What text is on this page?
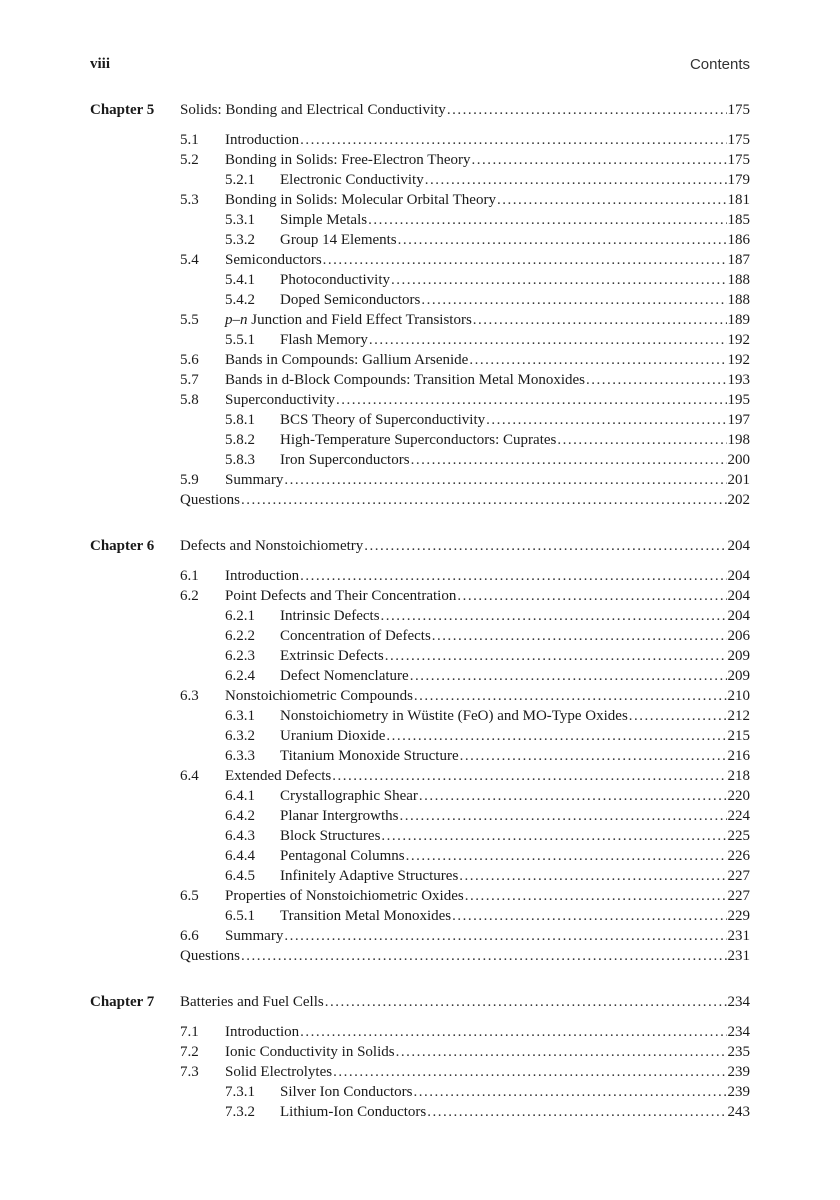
viii	Contents
Chapter 5 Solids: Bonding and Electrical Conductivity .....	175
5.1 Introduction .....	175
5.2 Bonding in Solids: Free-Electron Theory .....	175
5.2.1 Electronic Conductivity .....	179
5.3 Bonding in Solids: Molecular Orbital Theory .....	181
5.3.1 Simple Metals .....	185
5.3.2 Group 14 Elements .....	186
5.4 Semiconductors .....	187
5.4.1 Photoconductivity .....	188
5.4.2 Doped Semiconductors .....	188
5.5 p–n Junction and Field Effect Transistors .....	189
5.5.1 Flash Memory .....	192
5.6 Bands in Compounds: Gallium Arsenide .....	192
5.7 Bands in d-Block Compounds: Transition Metal Monoxides .....	193
5.8 Superconductivity .....	195
5.8.1 BCS Theory of Superconductivity .....	197
5.8.2 High-Temperature Superconductors: Cuprates .....	198
5.8.3 Iron Superconductors .....	200
5.9 Summary .....	201
Questions .....	202
Chapter 6 Defects and Nonstoichiometry .....	204
6.1 Introduction .....	204
6.2 Point Defects and Their Concentration .....	204
6.2.1 Intrinsic Defects .....	204
6.2.2 Concentration of Defects .....	206
6.2.3 Extrinsic Defects .....	209
6.2.4 Defect Nomenclature .....	209
6.3 Nonstoichiometric Compounds .....	210
6.3.1 Nonstoichiometry in Wüstite (FeO) and MO-Type Oxides .....	212
6.3.2 Uranium Dioxide .....	215
6.3.3 Titanium Monoxide Structure .....	216
6.4 Extended Defects .....	218
6.4.1 Crystallographic Shear .....	220
6.4.2 Planar Intergrowths .....	224
6.4.3 Block Structures .....	225
6.4.4 Pentagonal Columns .....	226
6.4.5 Infinitely Adaptive Structures .....	227
6.5 Properties of Nonstoichiometric Oxides .....	227
6.5.1 Transition Metal Monoxides .....	229
6.6 Summary .....	231
Questions .....	231
Chapter 7 Batteries and Fuel Cells .....	234
7.1 Introduction .....	234
7.2 Ionic Conductivity in Solids .....	235
7.3 Solid Electrolytes .....	239
7.3.1 Silver Ion Conductors .....	239
7.3.2 Lithium-Ion Conductors .....	243
